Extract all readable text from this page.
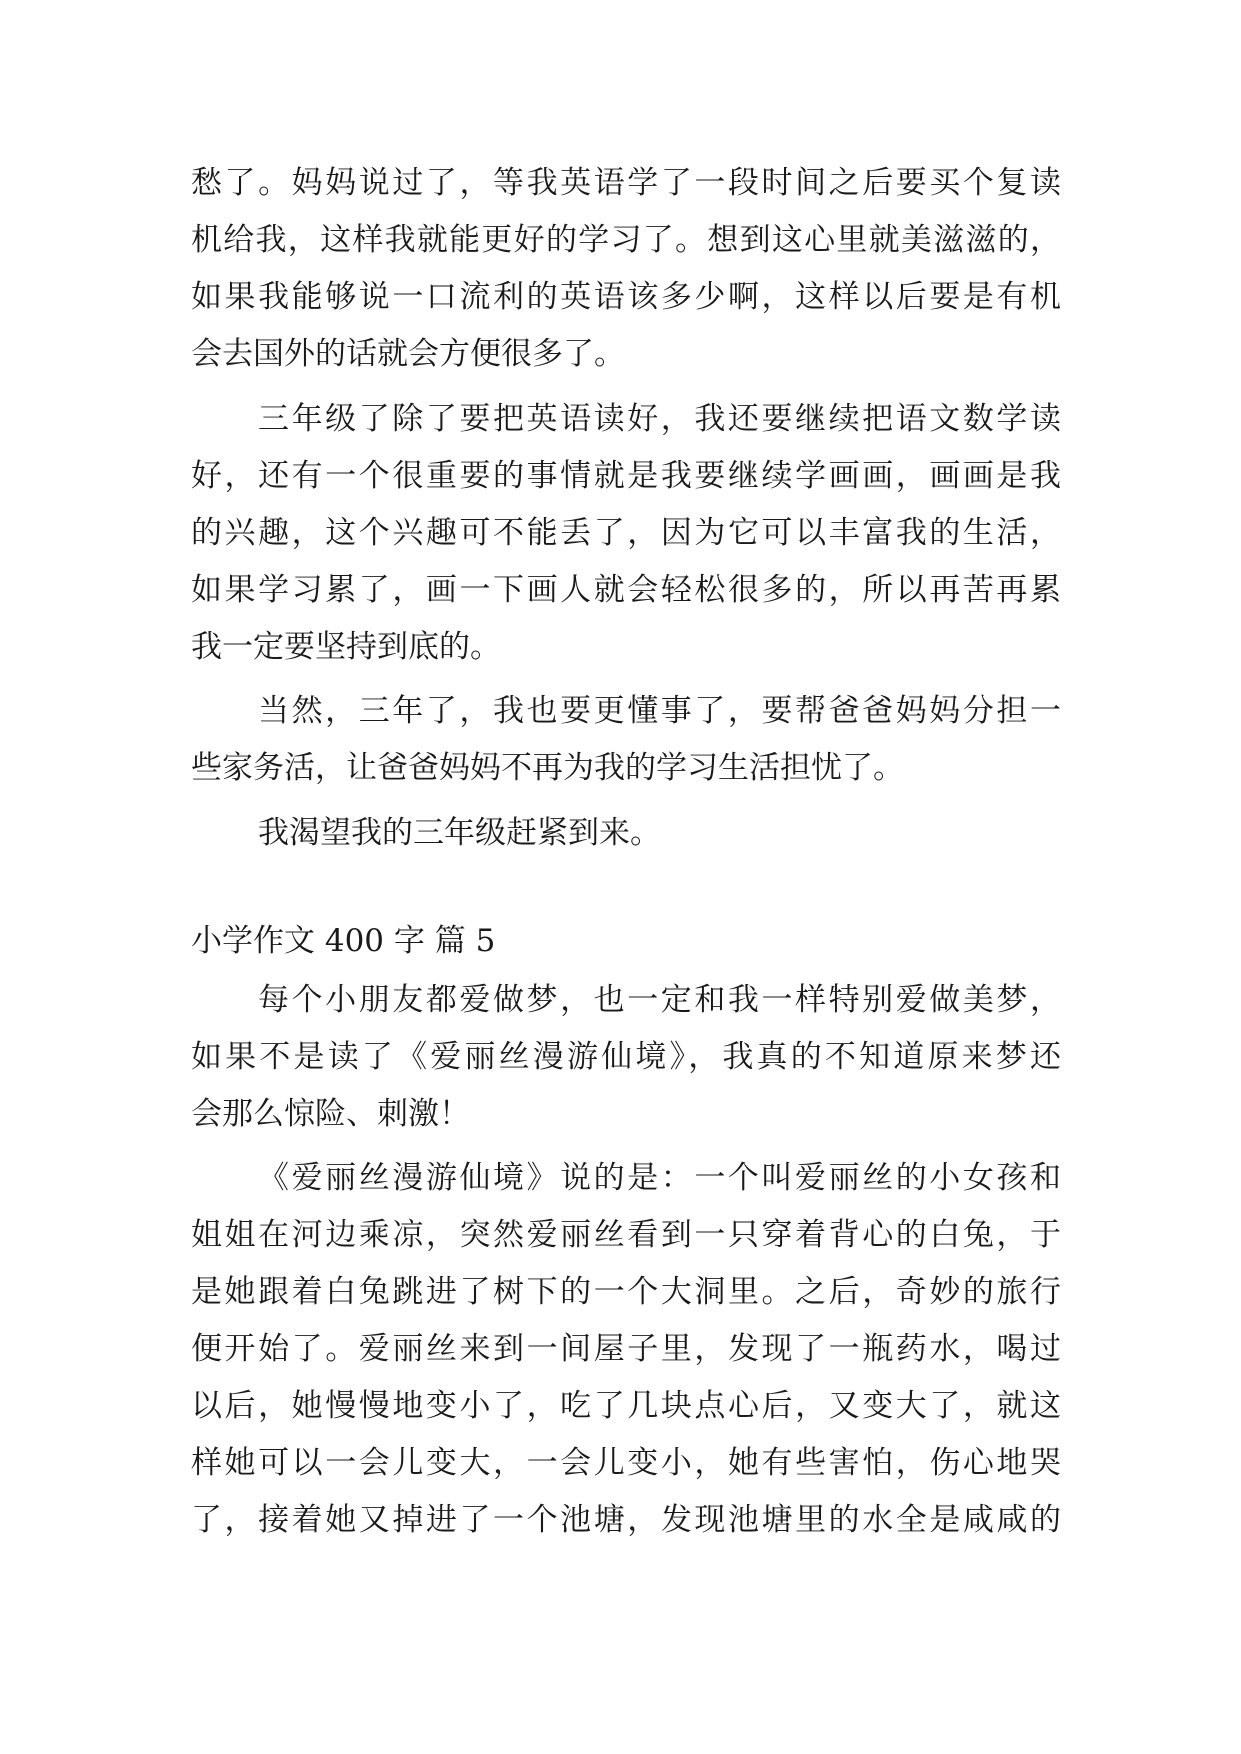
愁了。妈妈说过了，等我英语学了一段时间之后要买个复读
机给我，这样我就能更好的学习了。想到这心里就美滋滋的，
如果我能够说一口流利的英语该多少啊，这样以后要是有机
会去国外的话就会方便很多了。
三年级了除了要把英语读好，我还要继续把语文数学读
好，还有一个很重要的事情就是我要继续学画画，画画是我
的兴趣，这个兴趣可不能丢了，因为它可以丰富我的生活，
如果学习累了，画一下画人就会轻松很多的，所以再苦再累
我一定要坚持到底的。
当然，三年了，我也要更懂事了，要帮爸爸妈妈分担一
些家务活，让爸爸妈妈不再为我的学习生活担忧了。
我渴望我的三年级赶紧到来。
小学作文 400 字 篇 5
每个小朋友都爱做梦，也一定和我一样特别爱做美梦，
如果不是读了《爱丽丝漫游仙境》，我真的不知道原来梦还
会那么惊险、刺激！
《爱丽丝漫游仙境》说的是：一个叫爱丽丝的小女孩和
姐姐在河边乘凉，突然爱丽丝看到一只穿着背心的白兔，于
是她跟着白兔跳进了树下的一个大洞里。之后，奇妙的旅行
便开始了。爱丽丝来到一间屋子里，发现了一瓶药水，喝过
以后，她慢慢地变小了，吃了几块点心后，又变大了，就这
样她可以一会儿变大，一会儿变小，她有些害怕，伤心地哭
了，接着她又掉进了一个池塘，发现池塘里的水全是咸咸的
